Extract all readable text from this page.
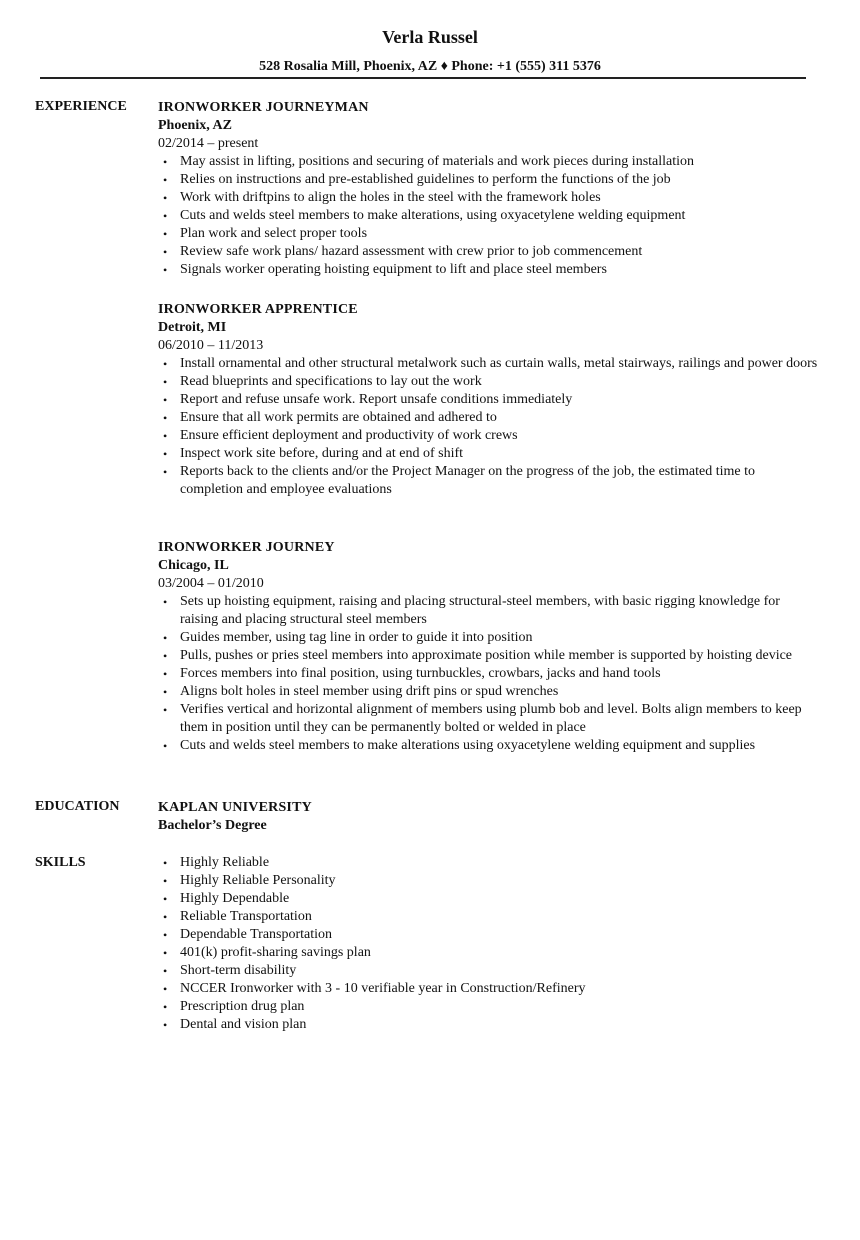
Verla Russel
528 Rosalia Mill, Phoenix, AZ ♦ Phone: +1 (555) 311 5376
EXPERIENCE IRONWORKER JOURNEYMAN
Phoenix, AZ
02/2014 – present
• May assist in lifting, positions and securing of materials and work pieces during installation
• Relies on instructions and pre-established guidelines to perform the functions of the job
• Work with driftpins to align the holes in the steel with the framework holes
• Cuts and welds steel members to make alterations, using oxyacetylene welding equipment
• Plan work and select proper tools
• Review safe work plans/ hazard assessment with crew prior to job commencement
• Signals worker operating hoisting equipment to lift and place steel members
IRONWORKER APPRENTICE
Detroit, MI
06/2010 – 11/2013
• Install ornamental and other structural metalwork such as curtain walls, metal stairways, railings and power doors
• Read blueprints and specifications to lay out the work
• Report and refuse unsafe work. Report unsafe conditions immediately
• Ensure that all work permits are obtained and adhered to
• Ensure efficient deployment and productivity of work crews
• Inspect work site before, during and at end of shift
• Reports back to the clients and/or the Project Manager on the progress of the job, the estimated time to completion and employee evaluations
IRONWORKER JOURNEY
Chicago, IL
03/2004 – 01/2010
• Sets up hoisting equipment, raising and placing structural-steel members, with basic rigging knowledge for raising and placing structural steel members
• Guides member, using tag line in order to guide it into position
• Pulls, pushes or pries steel members into approximate position while member is supported by hoisting device
• Forces members into final position, using turnbuckles, crowbars, jacks and hand tools
• Aligns bolt holes in steel member using drift pins or spud wrenches
• Verifies vertical and horizontal alignment of members using plumb bob and level. Bolts align members to keep them in position until they can be permanently bolted or welded in place
• Cuts and welds steel members to make alterations using oxyacetylene welding equipment and supplies
EDUCATION	KAPLAN UNIVERSITY
Bachelor’s Degree
SKILLS
•	Highly Reliable
• Highly Reliable Personality
• Highly Dependable
• Reliable Transportation
• Dependable Transportation
• 401(k) profit-sharing savings plan
• Short-term disability
• NCCER Ironworker with 3 - 10 verifiable year in Construction/Refinery
• Prescription drug plan
• Dental and vision plan
